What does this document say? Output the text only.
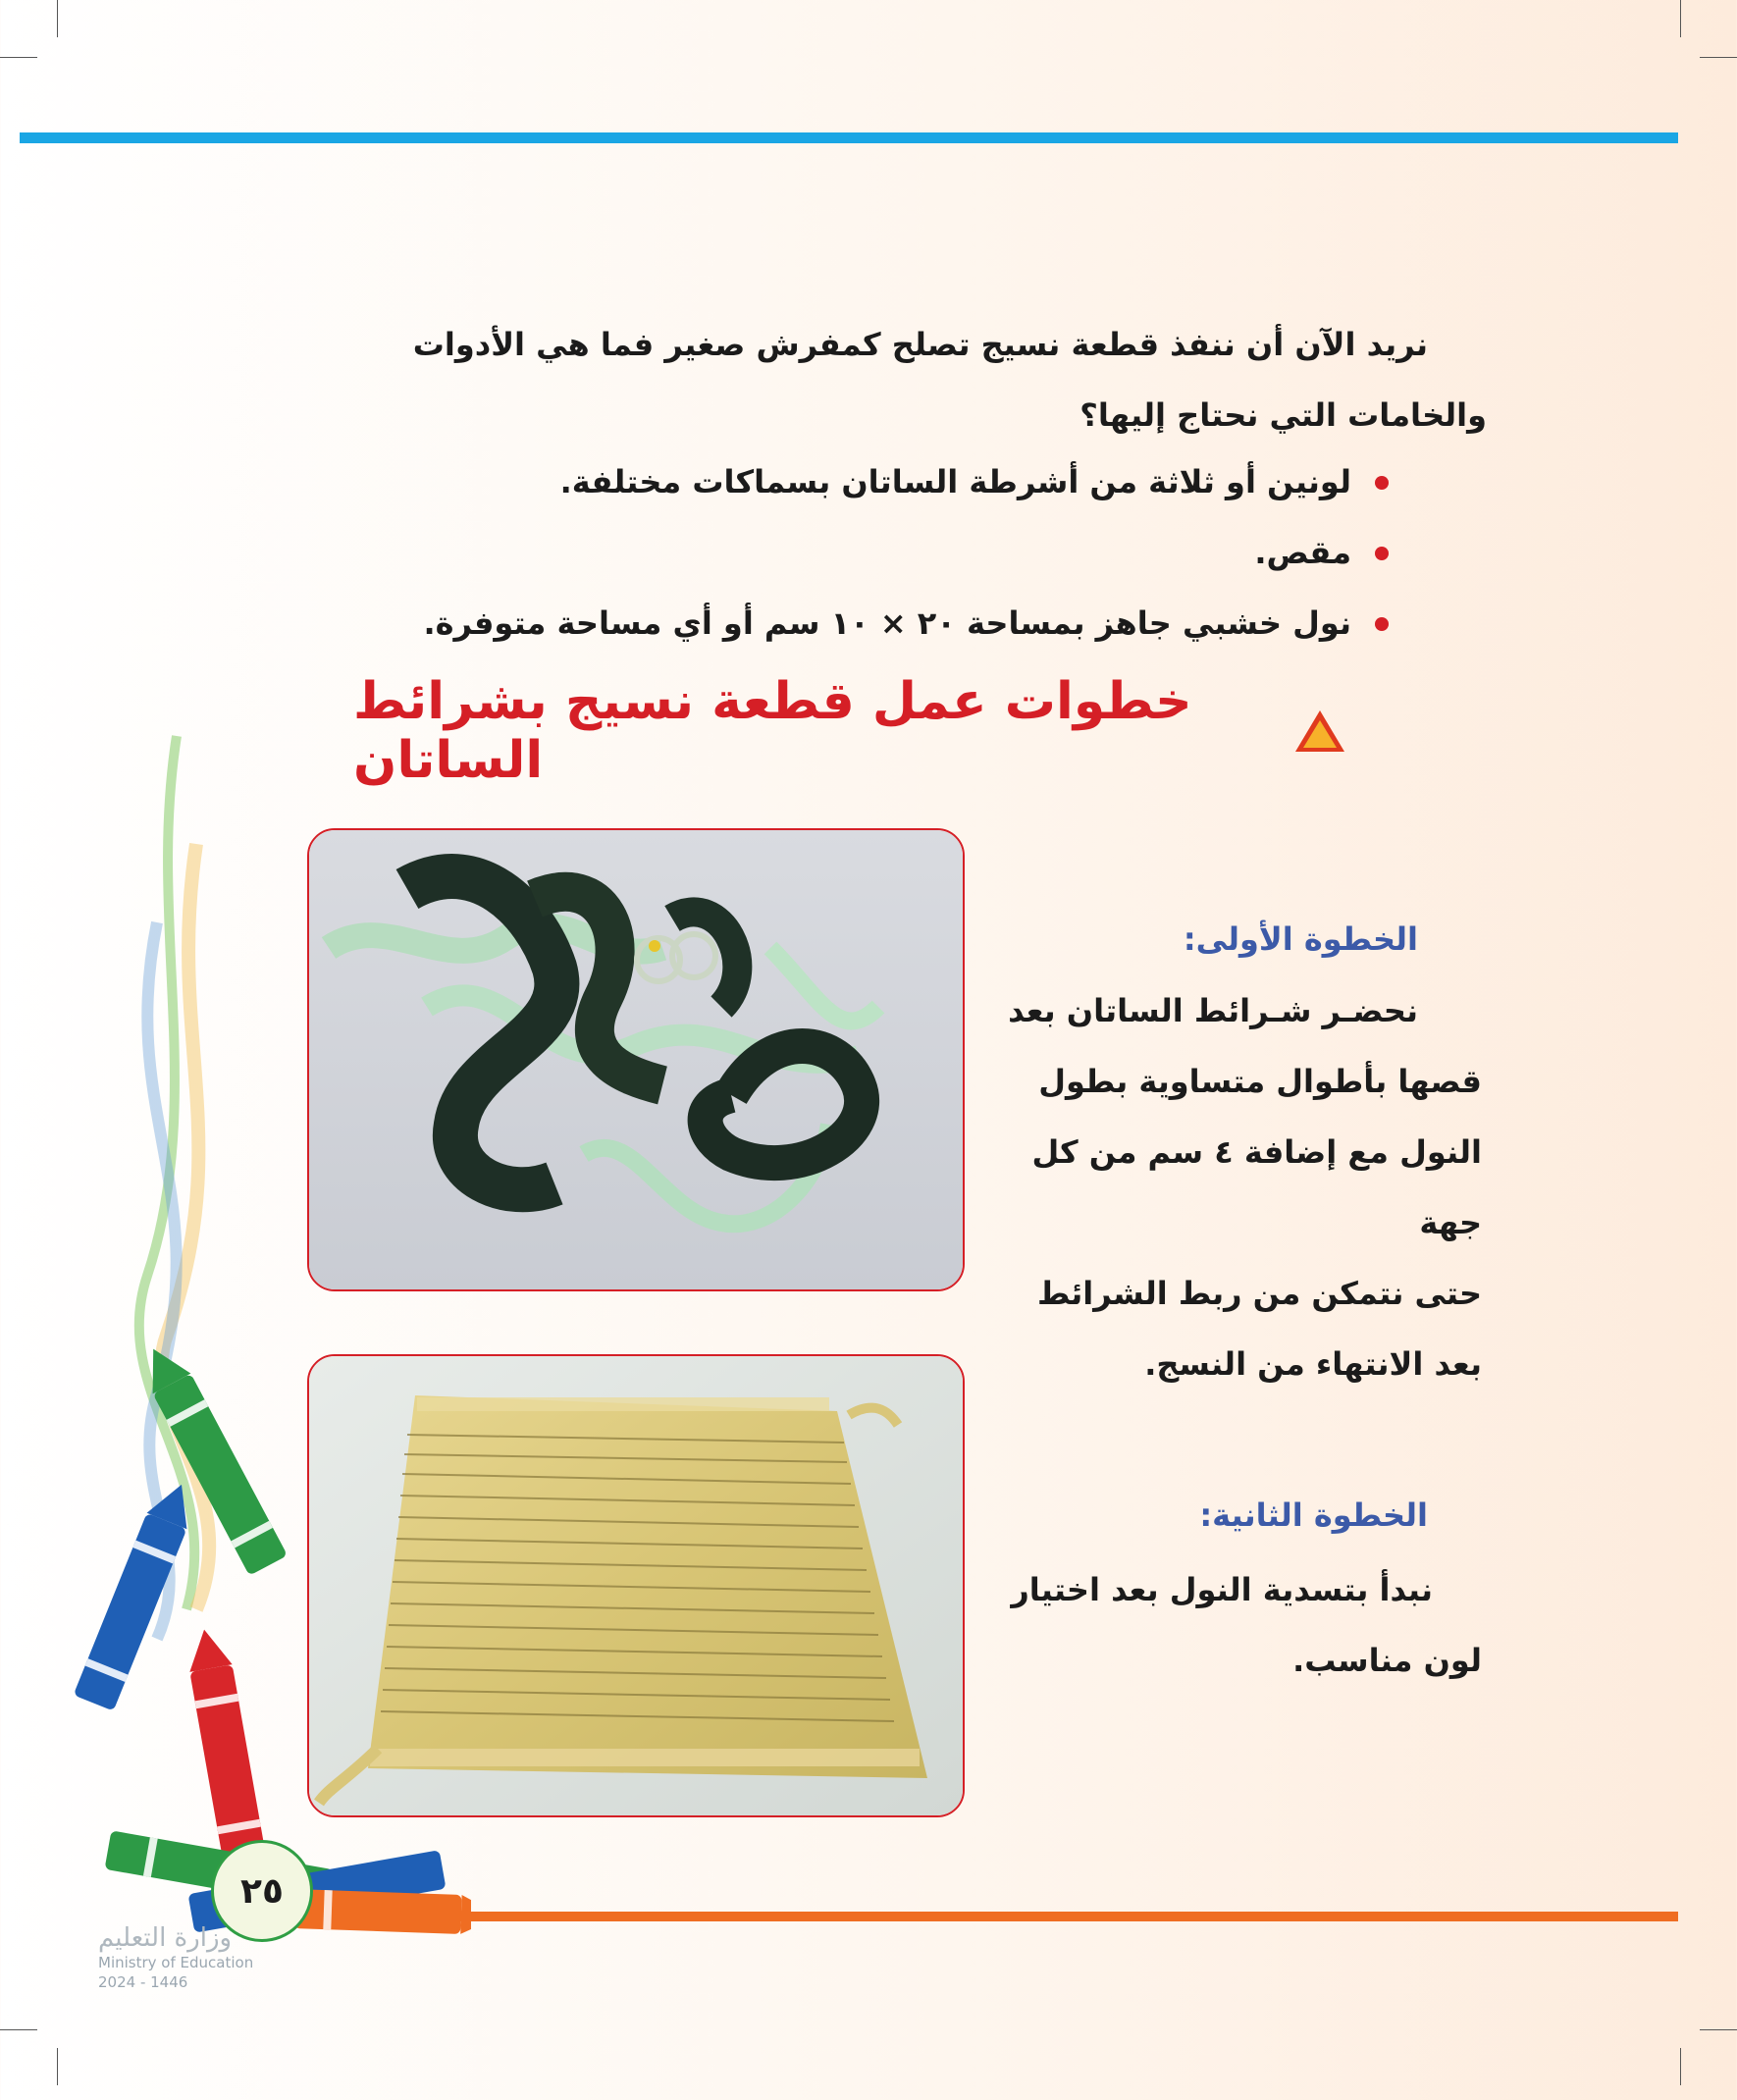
نريد الآن أن ننفذ قطعة نسيج تصلح كمفرش صغير فما هي الأدوات

والخامات التي نحتاج إليها؟

لونين أو ثلاثة من أشرطة الساتان بسماكات مختلفة.
مقص.
نول خشبي جاهز بمساحة ٢٠ × ١٠ سم أو أي مساحة متوفرة.
خطوات عمل قطعة نسيج بشرائط الساتان
الخطوة الأولى:

نحضـر شـرائط الساتان بعد

قصها بأطوال متساوية بطول

النول مع إضافة ٤ سم من كل جهة

حتى نتمكن من ربط الشرائط

بعد الانتهاء من النسج.

الخطوة الثانية:

نبدأ بتسدية النول بعد اختيار

لون مناسب.

٢٥
وزارة التعليم
Ministry of Education
2024 - 1446
